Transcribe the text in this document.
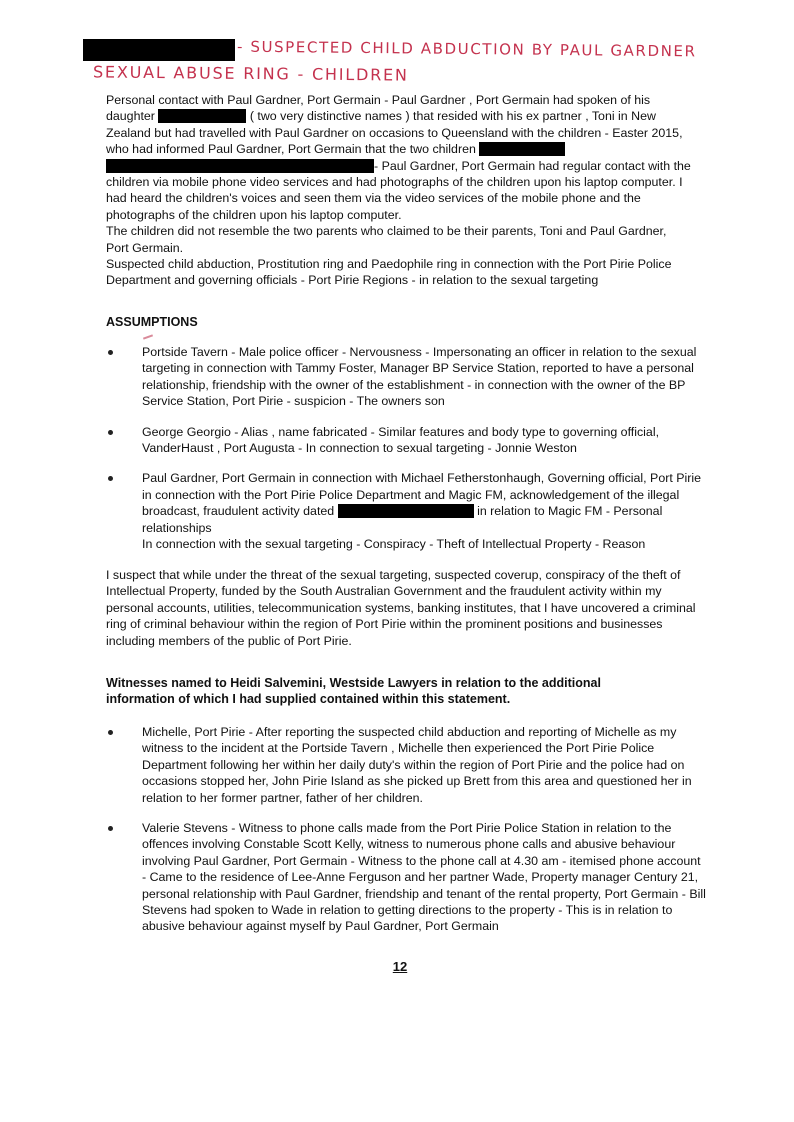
- SUSPECTED CHILD ABDUCTION BY PAUL GARDNER
SEXUAL ABUSE RING - CHILDREN

Personal contact with Paul Gardner, Port Germain - Paul Gardner , Port Germain had spoken of his daughter	( two very distinctive names ) that resided with his ex partner , Toni in New Zealand but had travelled with Paul Gardner on occasions to Queensland with the children - Easter 2015, who had informed Paul Gardner, Port Germain that the two children  - Paul Gardner, Port Germain had regular contact with the children via mobile phone video services and had photographs of the children upon his laptop computer. I had heard the children's voices and seen them via the video services of the mobile phone and the photographs of the children upon his laptop computer.

The children did not resemble the two parents who claimed to be their parents, Toni and Paul Gardner, Port Germain.

Suspected child abduction, Prostitution ring and Paedophile ring in connection with the Port Pirie Police Department and governing officials - Port Pirie Regions - in relation to the sexual targeting

ASSUMPTIONS

Portside Tavern - Male police officer - Nervousness - Impersonating an officer in relation to the sexual targeting in connection with Tammy Foster, Manager BP Service Station, reported to have a personal relationship, friendship with the owner of the establishment - in connection with the owner of the BP Service Station, Port Pirie - suspicion - The owners son

George Georgio - Alias , name fabricated - Similar features and body type to governing official, VanderHaust , Port Augusta - In connection to sexual targeting - Jonnie Weston

Paul Gardner, Port Germain in connection with Michael Fetherstonhaugh, Governing official, Port Pirie in connection with the Port Pirie Police Department and Magic FM, acknowledgement of the illegal broadcast, fraudulent activity dated	in relation to Magic FM - Personal relationships
In connection with the sexual targeting - Conspiracy - Theft of Intellectual Property - Reason

I suspect that while under the threat of the sexual targeting, suspected coverup, conspiracy of the theft of Intellectual Property, funded by the South Australian Government and the fraudulent activity within my personal accounts, utilities, telecommunication systems, banking institutes, that I have uncovered a criminal ring of criminal behaviour within the region of Port Pirie within the prominent positions and businesses including members of the public of Port Pirie.
Witnesses named to Heidi Salvemini, Westside Lawyers in relation to the additional information of which I had supplied contained within this statement.

Michelle, Port Pirie - After reporting the suspected child abduction and reporting of Michelle as my witness to the incident at the Portside Tavern , Michelle then experienced the Port Pirie Police Department following her within her daily duty's within the region of Port Pirie and the police had on occasions stopped her, John Pirie Island as she picked up Brett from this area and questioned her in relation to her former partner, father of her children.

Valerie Stevens - Witness to phone calls made from the Port Pirie Police Station in relation to the offences involving Constable Scott Kelly, witness to numerous phone calls and abusive behaviour involving Paul Gardner, Port Germain - Witness to the phone call at 4.30 am - itemised phone account - Came to the residence of Lee-Anne Ferguson and her partner Wade, Property manager Century 21, personal relationship with Paul Gardner, friendship and tenant of the rental property, Port Germain - Bill Stevens had spoken to Wade in relation to getting directions to the property - This is in relation to abusive behaviour against myself by Paul Gardner, Port Germain

12
